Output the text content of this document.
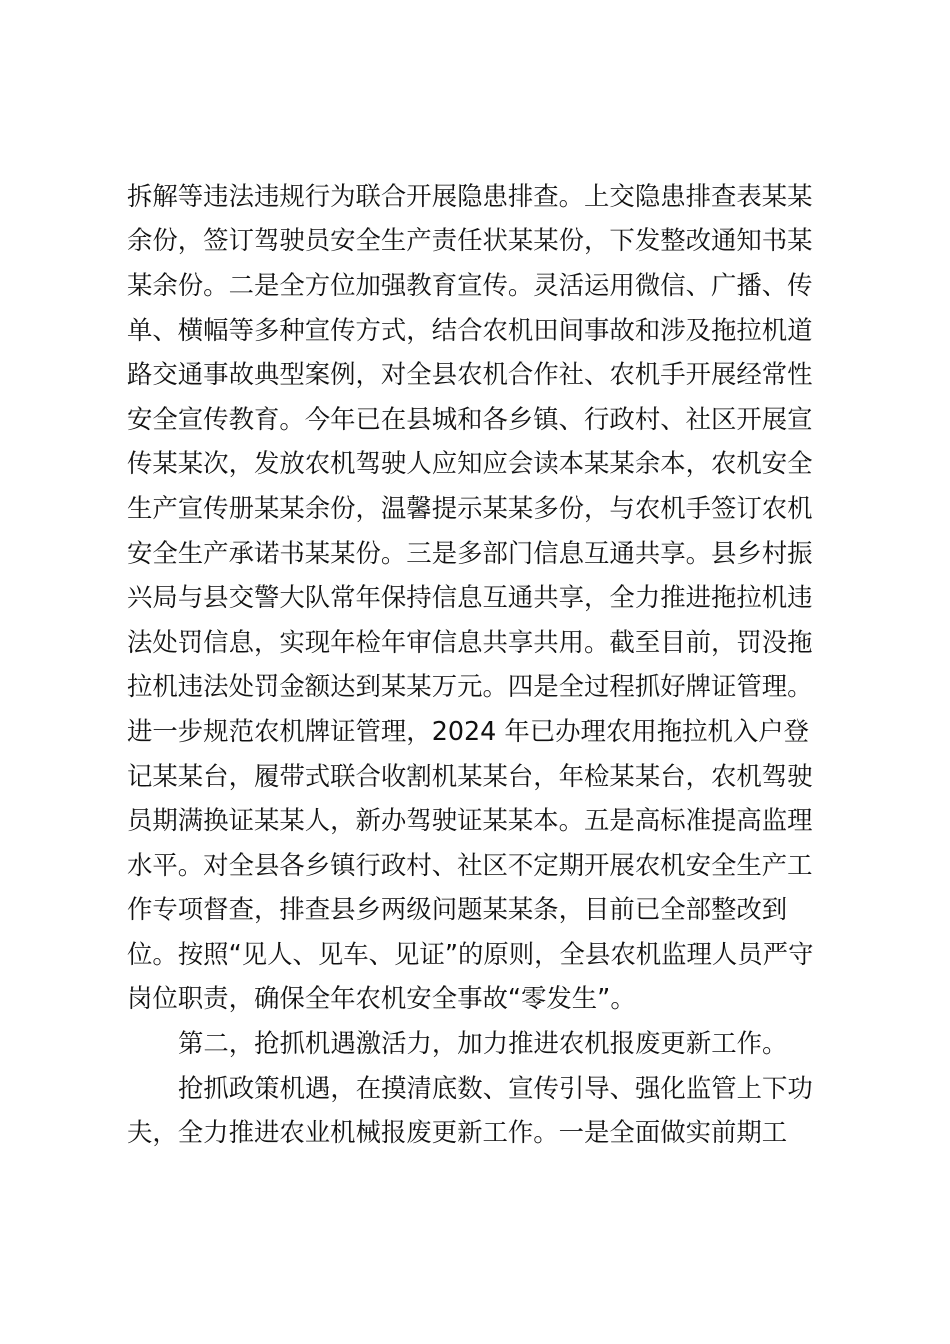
拆解等违法违规行为联合开展隐患排查。上交隐患排查表某某
余份，签订驾驶员安全生产责任状某某份，下发整改通知书某
某余份。二是全方位加强教育宣传。灵活运用微信、广播、传
单、横幅等多种宣传方式，结合农机田间事故和涉及拖拉机道
路交通事故典型案例，对全县农机合作社、农机手开展经常性
安全宣传教育。今年已在县城和各乡镇、行政村、社区开展宣
传某某次，发放农机驾驶人应知应会读本某某余本，农机安全
生产宣传册某某余份，温馨提示某某多份，与农机手签订农机
安全生产承诺书某某份。三是多部门信息互通共享。县乡村振
兴局与县交警大队常年保持信息互通共享，全力推进拖拉机违
法处罚信息，实现年检年审信息共享共用。截至目前，罚没拖
拉机违法处罚金额达到某某万元。四是全过程抓好牌证管理。
进一步规范农机牌证管理，2024 年已办理农用拖拉机入户登
记某某台，履带式联合收割机某某台，年检某某台，农机驾驶
员期满换证某某人，新办驾驶证某某本。五是高标准提高监理
水平。对全县各乡镇行政村、社区不定期开展农机安全生产工
作专项督查，排查县乡两级问题某某条，目前已全部整改到
位。按照“见人、见车、见证”的原则，全县农机监理人员严守
岗位职责，确保全年农机安全事故“零发生”。
第二，抢抓机遇激活力，加力推进农机报废更新工作。
抢抓政策机遇，在摸清底数、宣传引导、强化监管上下功
夫，全力推进农业机械报废更新工作。一是全面做实前期工
